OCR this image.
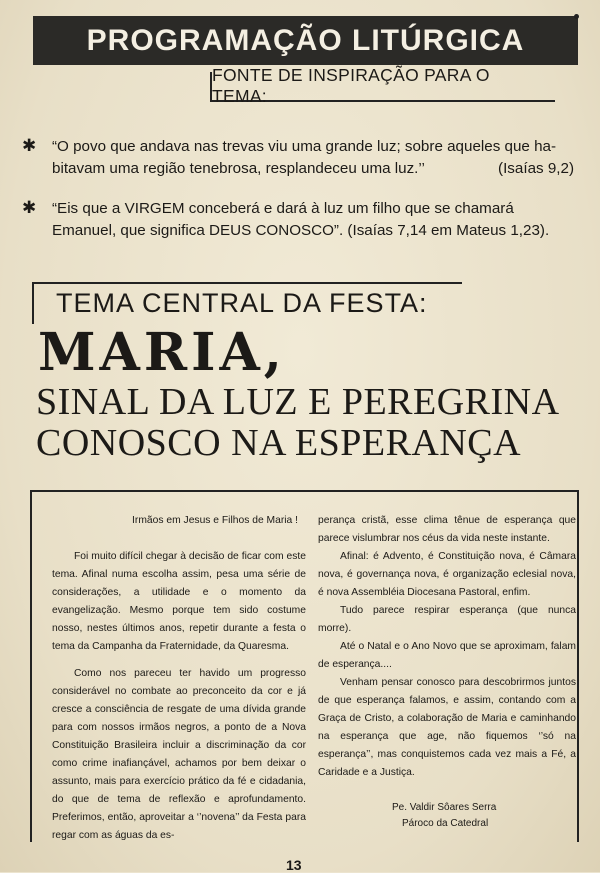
PROGRAMAÇÃO LITÚRGICA
FONTE DE INSPIRAÇÃO PARA O TEMA:
✱ “O povo que andava nas trevas viu uma grande luz; sobre aqueles que ha-
bitavam uma região tenebrosa, resplandeceu uma luz.’’	(Isaías 9,2)
✱ “Eis que a VIRGEM conceberá e dará à luz um filho que se chamará
Emanuel, que significa DEUS CONOSCO”. (Isaías 7,14 em Mateus 1,23).
TEMA CENTRAL DA FESTA:
MARIA,
SINAL DA LUZ E PEREGRINA
CONOSCO NA ESPERANÇA

Irmãos em Jesus e Filhos de Maria !

Foi muito difícil chegar à decisão de ficar com este tema. Afinal numa escolha assim, pesa uma série de considerações, a utilidade e o momento da evangelização. Mesmo porque tem sido costume nosso, nestes últimos anos, repetir durante a festa o tema da Campanha da Fraternidade, da Quaresma.

Como nos pareceu ter havido um progresso considerável no combate ao preconceito da cor e já cresce a consciência de resgate de uma dívida grande para com nossos irmãos negros, a ponto de a Nova Constituição Brasileira incluir a discriminação da cor como crime inafiançável, achamos por bem deixar o assunto, mais para exercício prático da fé e cidadania, do que de tema de reflexão e aprofundamento. Preferimos, então, aproveitar a ‘’novena’’ da Festa para regar com as águas da es-

perança cristã, esse clima tênue de esperança que parece vislumbrar nos céus da vida neste instante.

Afinal: é Advento, é Constituição nova, é Câmara nova, é governança nova, é organização eclesial nova, é nova Assembléia Diocesana Pastoral, enfim.

Tudo parece respirar esperança (que nunca morre).

Até o Natal e o Ano Novo que se aproximam, falam de esperança....

Venham pensar conosco para descobrirmos juntos de que esperança falamos, e assim, contando com a Graça de Cristo, a colaboração de Maria e caminhando na esperança que age, não fiquemos ‘’só na esperança’’, mas conquistemos cada vez mais a Fé, a Caridade e a Justiça.

Pe. Valdir Sôares Serra
Pároco da Catedral
13
